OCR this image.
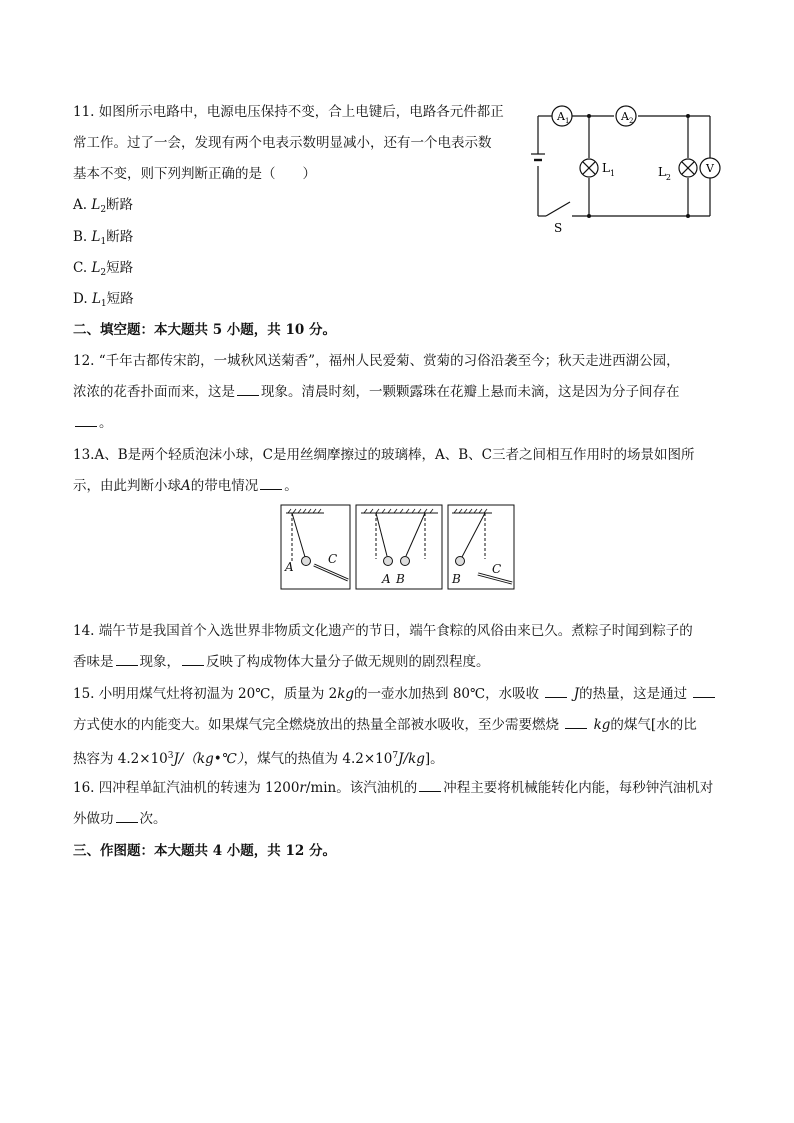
11. 如图所示电路中，电源电压保持不变，合上电键后，电路各元件都正
常工作。过了一会，发现有两个电表示数明显减小，还有一个电表示数
基本不变，则下列判断正确的是（　　）
A. $L_2$断路
B. $L_1$断路
C. $L_2$短路
D. $L_1$短路
$A_1$	$A_2$
$L_1$	$L_2$
V
S
二、填空题：本大题共 5 小题，共 10 分。
12. “千年古都传宋韵，一城秋风送菊香”，福州人民爱菊、赏菊的习俗沿袭至今；秋天走进西湖公园，
浓浓的花香扑面而来，这是 现象。清晨时刻，一颗颗露珠在花瓣上悬而未滴，这是因为分子间存在
。
13.A、B是两个轻质泡沫小球，C是用丝绸摩擦过的玻璃棒，A、B、C三者之间相互作用时的场景如图所
示，由此判断小球A的带电情况 。
A
C
A B	B
C
14. 端午节是我国首个入选世界非物质文化遗产的节日，端午食粽的风俗由来已久。煮粽子时闻到粽子的
香味是 现象， 反映了构成物体大量分子做无规则的剧烈程度。
15. 小明用煤气灶将初温为 20℃，质量为 2kg的一壶水加热到 80℃，水吸收	J的热量，这是通过
方式使水的内能变大。如果煤气完全燃烧放出的热量全部被水吸收，至少需要燃烧	kg的煤气[水的比
热容为 $4.2\times 10^3J/(kg•℃)$，煤气的热值为 $4.2\times 10^7J/kg$]。
16. 四冲程单缸汽油机的转速为 1200r/min。该汽油机的 冲程主要将机械能转化内能，每秒钟汽油机对
外做功 次。
三、作图题：本大题共 4 小题，共 12 分。
